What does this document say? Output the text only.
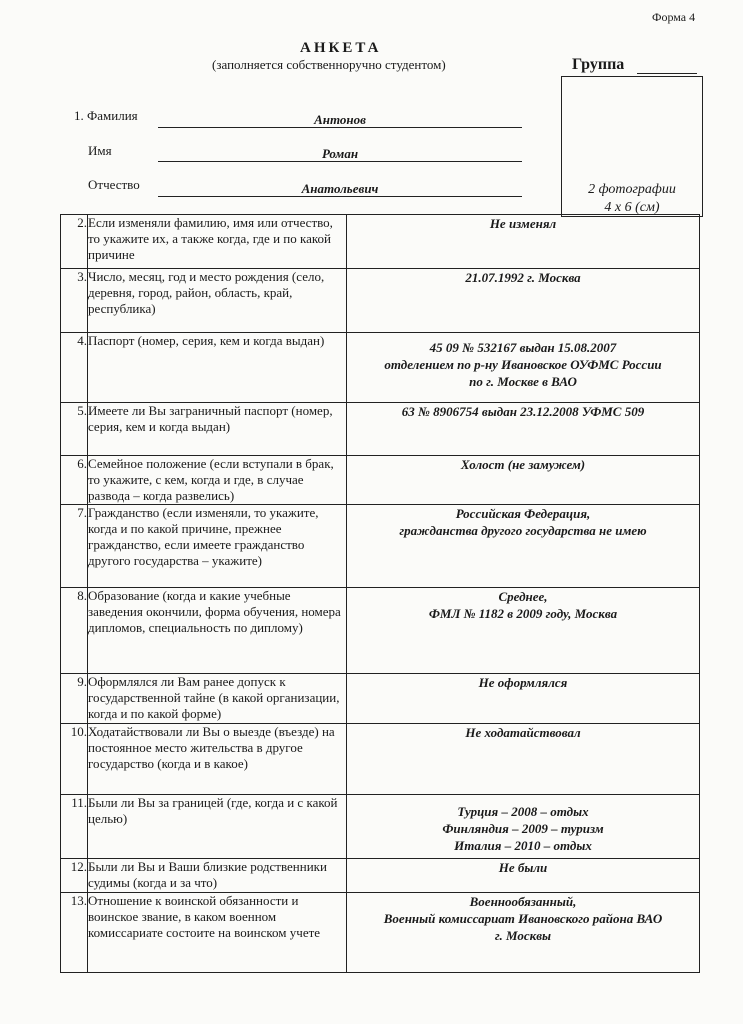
Форма 4
АНКЕТА
(заполняется собственноручно студентом)	Группа
2 фотографии
4 х 6 (см)
1. Фамилия	Антонов
Имя	Роман
Отчество	Анатольевич
2.	Если изменяли фамилию, имя или отчество, то укажите их, а также когда, где и по какой причине	Не изменял

3.	Число, месяц, год и место рождения (село, деревня, город, район, область, край, республика)	21.07.1992 г. Москва

4.	Паспорт (номер, серия, кем и когда выдан)	45 09 № 532167 выдан 15.08.2007
отделением по р-ну Ивановское ОУФМС России
по г. Москве в ВАО

5.	Имеете ли Вы заграничный паспорт (номер, серия, кем и когда выдан)	63 № 8906754 выдан 23.12.2008 УФМС 509

6.	Семейное положение (если вступали в брак, то укажите, с кем, когда и где, в случае развода – когда развелись)	Холост (не замужем)

7.	Гражданство (если изменяли, то укажите, когда и по какой причине, прежнее гражданство, если имеете гражданство другого государства – укажите)	Российская Федерация,
гражданства другого государства не имею

8.	Образование (когда и какие учебные заведения окончили, форма обучения, номера дипломов, специальность по диплому)	Среднее,
ФМЛ № 1182 в 2009 году, Москва

9.	Оформлялся ли Вам ранее допуск к государственной тайне (в какой организации, когда и по какой форме)	Не оформлялся

10.	Ходатайствовали ли Вы о выезде (въезде) на постоянное место жительства в другое государство (когда и в какое)	Не ходатайствовал

11.	Были ли Вы за границей (где, когда и с какой целью)	Турция – 2008 – отдых
Финляндия – 2009 – туризм
Италия – 2010 – отдых

12.	Были ли Вы и Ваши близкие родственники судимы (когда и за что)	Не были

13.	Отношение к воинской обязанности и воинское звание, в каком военном комиссариате состоите на воинском учете	Военнообязанный,
Военный комиссариат Ивановского района ВАО
г. Москвы
